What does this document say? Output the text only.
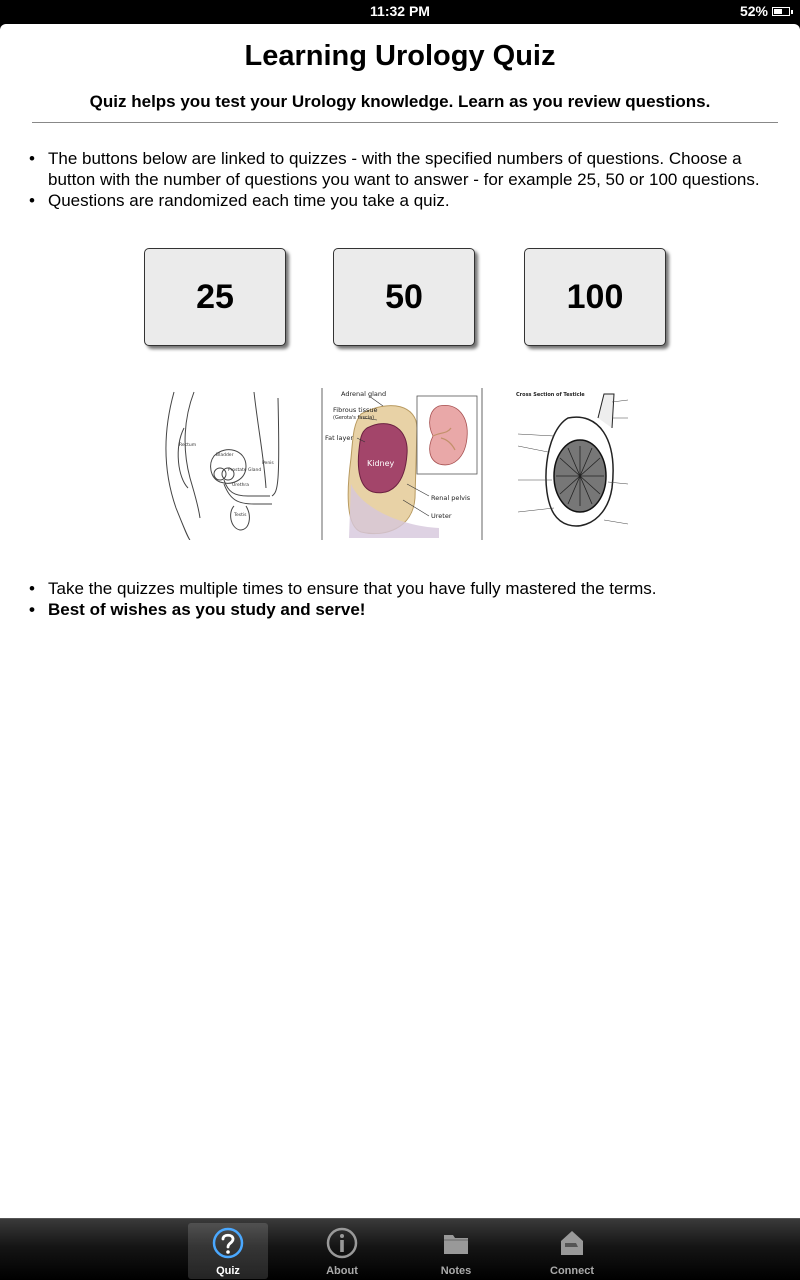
11:32 PM	52%
Learning Urology Quiz
Quiz helps you test your Urology knowledge. Learn as you review questions.
• The buttons below are linked to quizzes - with the specified numbers of questions. Choose a button with the number of questions you want to answer - for example 25, 50 or 100 questions.
• Questions are randomized each time you take a quiz.
25	50	100
Rectum
Bladder
Prostate Gland
Penis
Urethra
Testis
Adrenal gland
Fibrous tissue
(Gerota's fascia)
Fat layer
Kidney
Renal pelvis
Ureter
Cross Section of Testicle
• Take the quizzes multiple times to ensure that you have fully mastered the terms.
• Best of wishes as you study and serve!
Quiz	About	Notes	Connect
